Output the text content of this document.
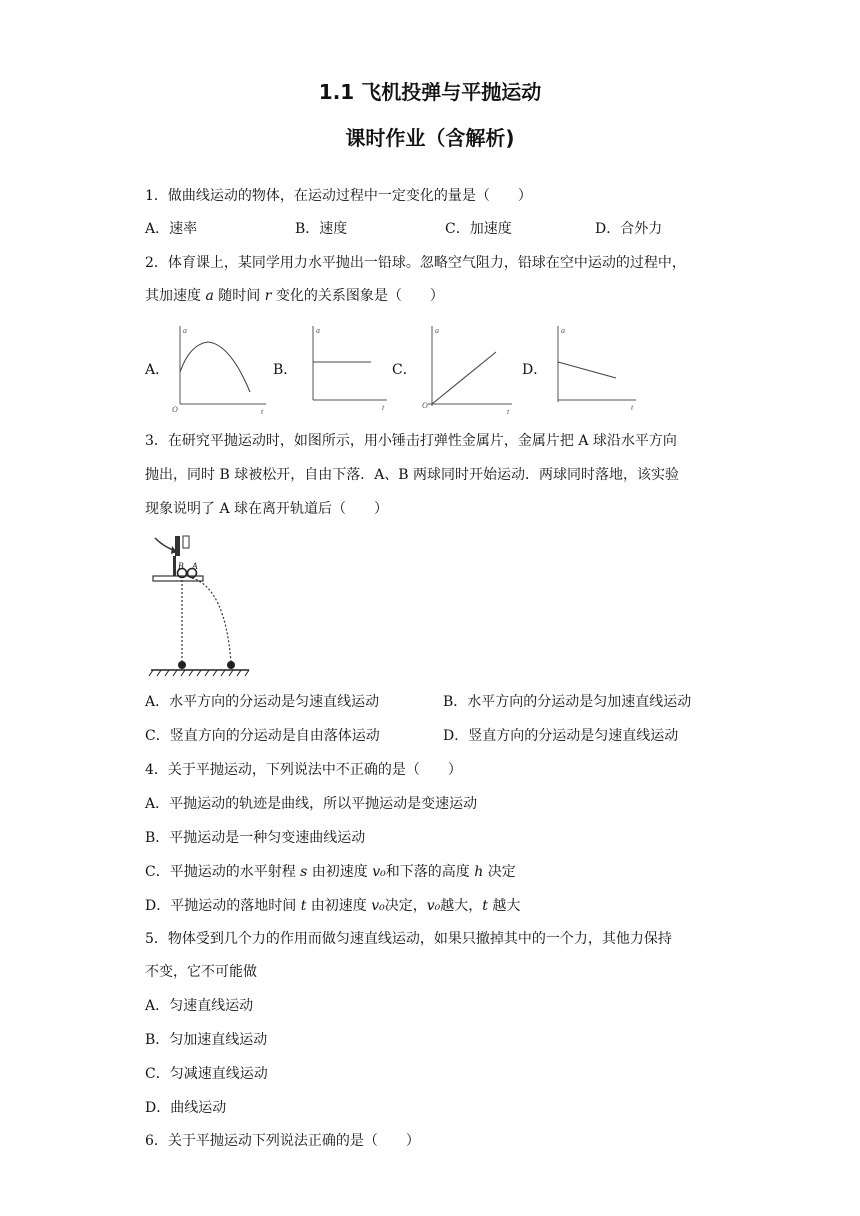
1.1 飞机投弹与平抛运动
课时作业（含解析)
1．做曲线运动的物体，在运动过程中一定变化的量是（　　）
A．速率	B．速度	C．加速度	D．合外力
2．体育课上，某同学用力水平抛出一铅球。忽略空气阻力，铅球在空中运动的过程中，
其加速度 a 随时间 r 变化的关系图象是（　　）
A．	B．	C．	D．
a
t
O
a
t
a
t
O
a
t
3．在研究平抛运动时，如图所示，用小锤击打弹性金属片，金属片把 A 球沿水平方向
抛出，同时 B 球被松开，自由下落．A、B 两球同时开始运动．两球同时落地，该实验
现象说明了 A 球在离开轨道后（　　）
B A
A．水平方向的分运动是匀速直线运动	B．水平方向的分运动是匀加速直线运动
C．竖直方向的分运动是自由落体运动	D．竖直方向的分运动是匀速直线运动
4．关于平抛运动，下列说法中不正确的是（　　）
A．平抛运动的轨迹是曲线，所以平抛运动是变速运动
B．平抛运动是一种匀变速曲线运动
C．平抛运动的水平射程 s 由初速度 v₀和下落的高度 h 决定
D．平抛运动的落地时间 t 由初速度 v₀决定，v₀越大，t 越大
5．物体受到几个力的作用而做匀速直线运动，如果只撤掉其中的一个力，其他力保持
不变，它不可能做
A．匀速直线运动
B．匀加速直线运动
C．匀减速直线运动
D．曲线运动
6．关于平抛运动下列说法正确的是（　　）
